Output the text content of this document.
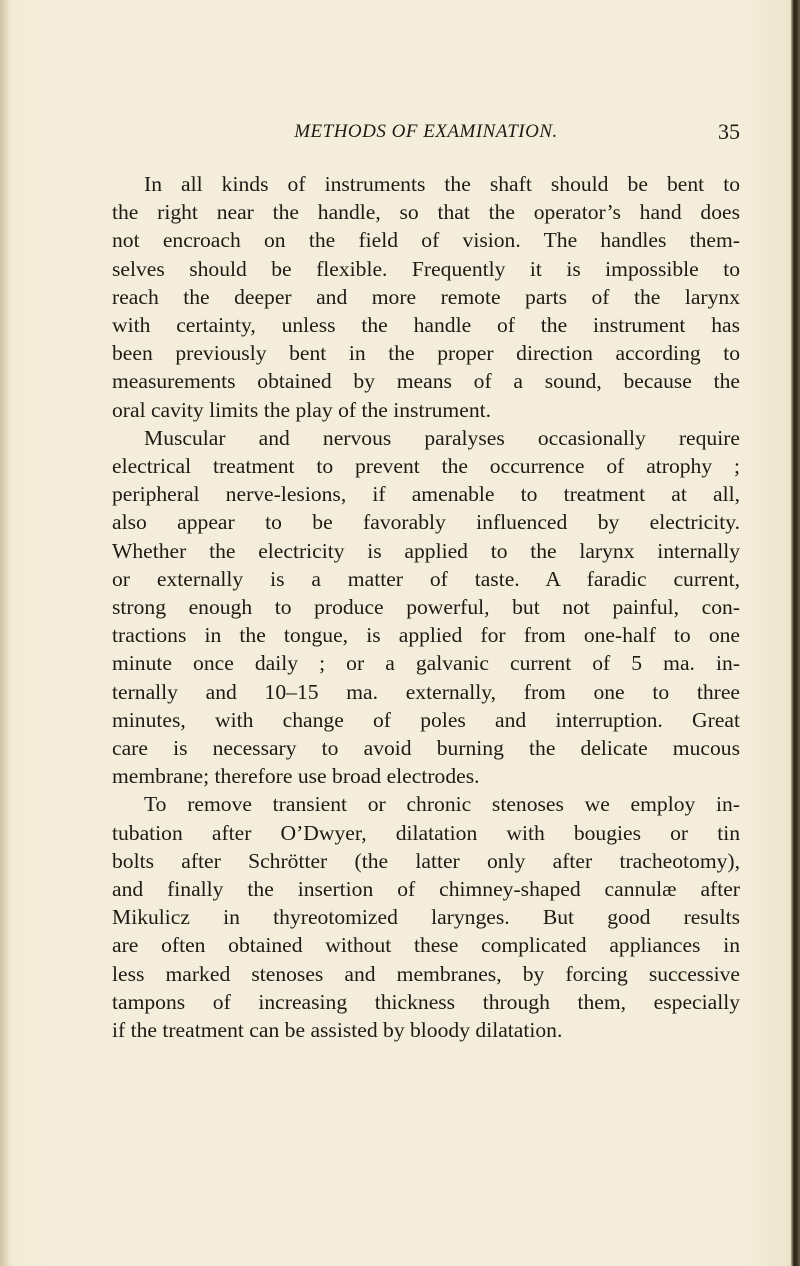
METHODS OF EXAMINATION.	35
In all kinds of instruments the shaft should be bent to
the right near the handle, so that the operator’s hand does
not encroach on the field of vision. The handles them-
selves should be flexible. Frequently it is impossible to
reach the deeper and more remote parts of the larynx
with certainty, unless the handle of the instrument has
been previously bent in the proper direction according to
measurements obtained by means of a sound, because the
oral cavity limits the play of the instrument.
Muscular and nervous paralyses occasionally require
electrical treatment to prevent the occurrence of atrophy ;
peripheral nerve-lesions, if amenable to treatment at all,
also appear to be favorably influenced by electricity.
Whether the electricity is applied to the larynx internally
or externally is a matter of taste. A faradic current,
strong enough to produce powerful, but not painful, con-
tractions in the tongue, is applied for from one-half to one
minute once daily ; or a galvanic current of 5 ma. in-
ternally and 10–15 ma. externally, from one to three
minutes, with change of poles and interruption. Great
care is necessary to avoid burning the delicate mucous
membrane; therefore use broad electrodes.
To remove transient or chronic stenoses we employ in-
tubation after O’Dwyer, dilatation with bougies or tin
bolts after Schrötter (the latter only after tracheotomy),
and finally the insertion of chimney-shaped cannulæ after
Mikulicz in thyreotomized larynges. But good results
are often obtained without these complicated appliances in
less marked stenoses and membranes, by forcing successive
tampons of increasing thickness through them, especially
if the treatment can be assisted by bloody dilatation.
